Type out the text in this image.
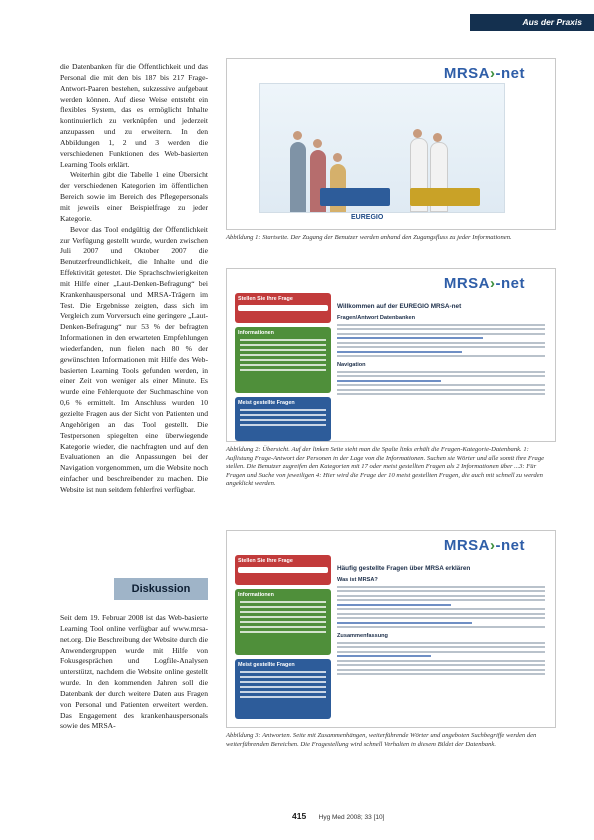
Aus der Praxis

die Datenbanken für die Öffentlichkeit und das Personal die mit den bis 187 bis 217 Frage-Antwort-Paaren bestehen, sukzessive aufgebaut werden können. Auf diese Weise entsteht ein flexibles System, das es ermöglicht Inhalte kontinuierlich zu verknüpfen und jederzeit anzupassen und zu erweitern. In den Abbildungen 1, 2 und 3 werden die verschiedenen Funktionen des Web-basierten Learning Tools erklärt.

Weiterhin gibt die Tabelle 1 eine Übersicht der verschiedenen Kategorien im öffentlichen Bereich sowie im Bereich des Pflegepersonals mit jeweils einer Beispielfrage zu jeder Kategorie.

Bevor das Tool endgültig der Öffentlichkeit zur Verfügung gestellt wurde, wurden zwischen Juli 2007 und Oktober 2007 die Benutzerfreundlichkeit, die Inhalte und die Effektivität getestet. Die Sprachschwierigkeiten mit Hilfe einer „Laut-Denken-Befragung“ bei Krankenhauspersonal und MRSA-Trägern im Test. Die Ergebnisse zeigten, dass sich im Vergleich zum Vorversuch eine geringere „Laut-Denken-Befragung“ nur 53 % der befragten Informationen in den erwarteten Empfehlungen wiederfanden, nun fielen nach 80 % der gewünschten Informationen mit Hilfe des Web-basierten Learning Tools gefunden werden, in einer Zeit von weniger als einer Minute. Es wurde eine Fehlerquote der Suchmaschine von 0,6 % ermittelt. Im Anschluss wurden 10 gezielte Fragen aus der Sicht von Patienten und Angehörigen an das Tool gestellt. Die Testpersonen spiegelten eine überwiegende Kategorie wieder, die nachfragten und auf den Evaluationen an die Anpassungen bei der Navigation vorgenommen, um die Website noch einfacher und beschreibender zu machen. Die Website ist nun seitdem fehlerfrei verfügbar.

Diskussion

Seit dem 19. Februar 2008 ist das Web-basierte Learning Tool online verfügbar auf www.mrsa-net.org. Die Beschreibung der Website durch die Anwendergruppen wurde mit Hilfe von Fokusgesprächen und Logfile-Analysen unterstützt, nachdem die Website online gestellt wurde. In den kommenden Jahren soll die Datenbank der durch weitere Daten aus Fragen von Personal und Patienten erweitert werden. Das Engagement des krankenhauspersonals sowie des MRSA-

MRSA›-net
EUREGIO
Abbildung 1: Startseite. Der Zugang der Benutzer werden anhand den Zugangsfluss zu jeder Informationen.
MRSA›-net
Stellen Sie Ihre Frage
Informationen
Meist gestellte Fragen
Willkommen auf der EUREGIO MRSA-net
Fragen/Antwort Datenbanken
Navigation
Abbildung 2: Übersicht. Auf der linken Seite sieht man die Spalte links erhält die Fragen-Kategorie-Datenbank. 1: Auflistung Frage-Antwort der Personen in der Lage von die Informationen. Suchen sie Wörter und alle somit ihre Frage stellen. Die Benutzer zugreifen den Kategorien mit 17 oder meist gestellten Fragen als 2 Informationen über ...3: Für Fragen und Suche von jeweiligen 4: Hier wird die Frage der 10 meist gestellten Fragen, die auch mit schnell zu werden angeklickt werden.
MRSA›-net
Stellen Sie Ihre Frage
Informationen
Meist gestellte Fragen
Häufig gestellte Fragen über MRSA erklären
Was ist MRSA?
Zusammenfassung
Abbildung 3: Antworten. Seite mit Zusammenhängen, weiterführende Wörter und angeboten Suchbegriffe werden den weiterführenden Bereichen. Die Fragestellung wird schnell Verhalten in diesem Bildet der Datenbank.
415 Hyg Med 2008; 33 [10]
